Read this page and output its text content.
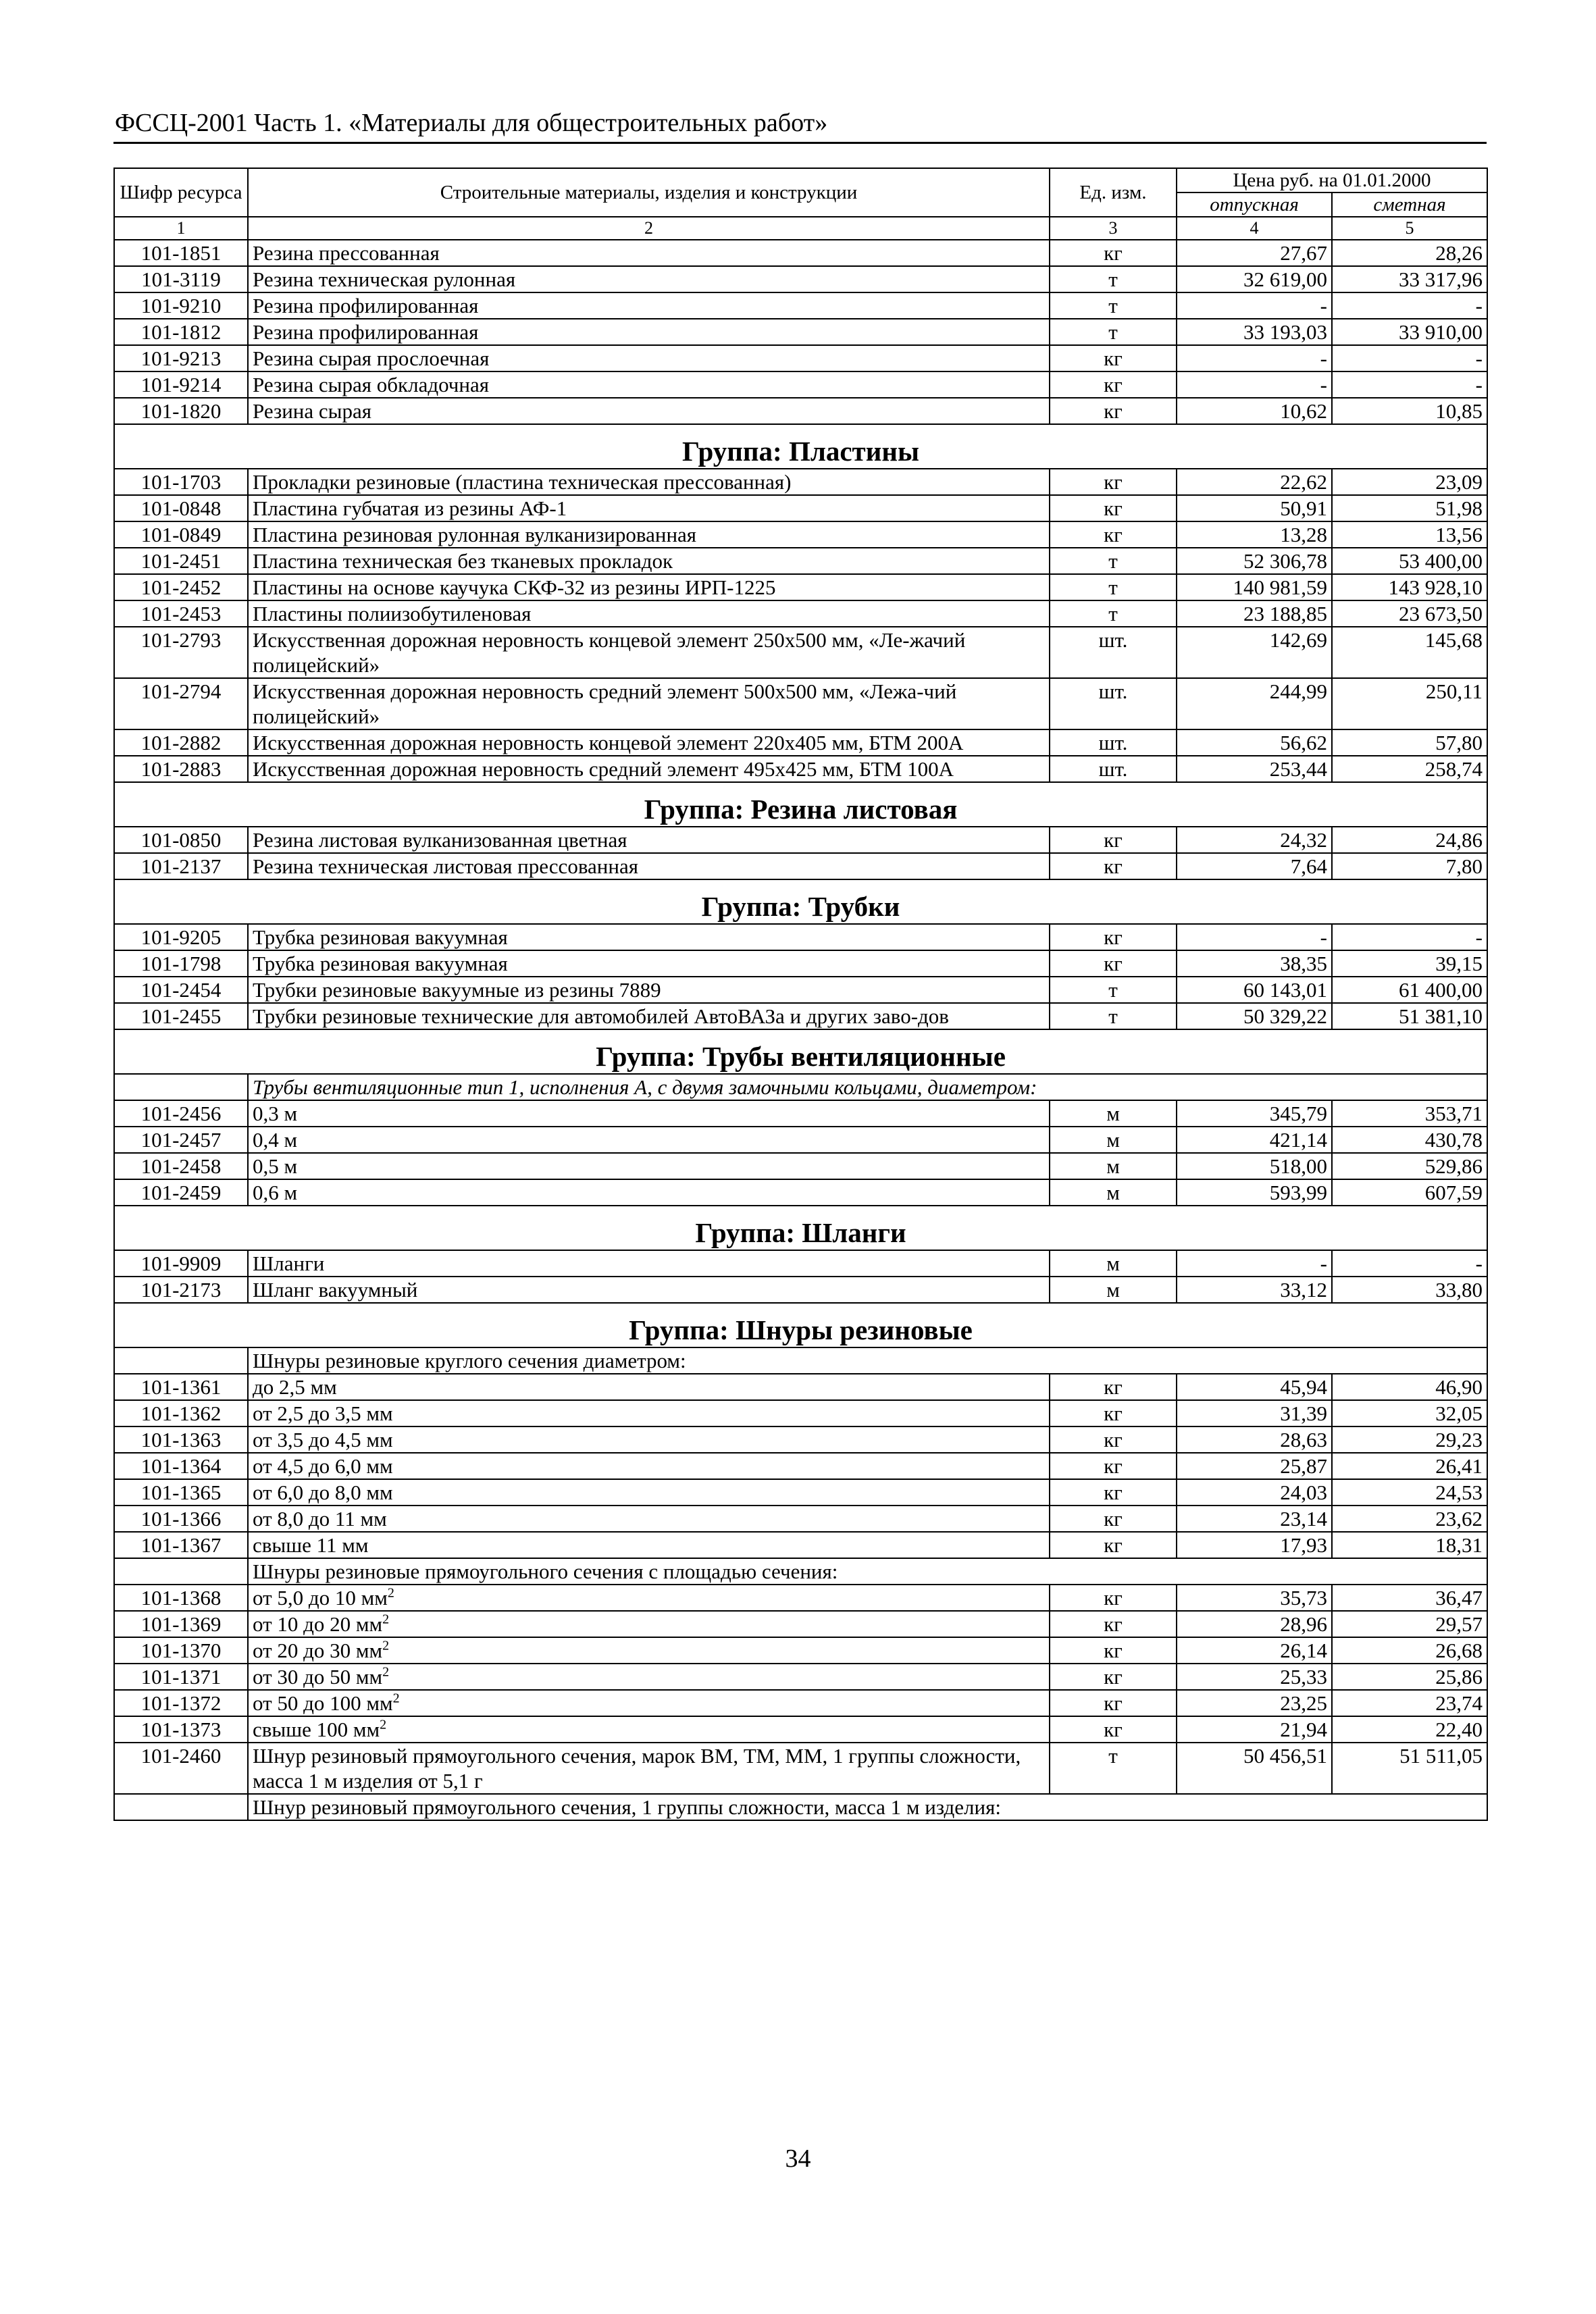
ФССЦ-2001 Часть 1. «Материалы для общестроительных работ»
Шифр ресурса	Строительные материалы, изделия и конструкции	Ед. изм.	Цена руб. на 01.01.2000	
			отпускная	сметная
1	2	3	4	5
101-1851	Резина прессованная	кг	27,67	28,26
101-3119	Резина техническая рулонная	т	32 619,00	33 317,96
101-9210	Резина профилированная	т	-	-
101-1812	Резина профилированная	т	33 193,03	33 910,00
101-9213	Резина сырая прослоечная	кг	-	-
101-9214	Резина сырая обкладочная	кг	-	-
101-1820	Резина сырая	кг	10,62	10,85
Группа: Пластины				
101-1703	Прокладки резиновые (пластина техническая прессованная)	кг	22,62	23,09
101-0848	Пластина губчатая из резины АФ-1	кг	50,91	51,98
101-0849	Пластина резиновая рулонная вулканизированная	кг	13,28	13,56
101-2451	Пластина техническая без тканевых прокладок	т	52 306,78	53 400,00
101-2452	Пластины на основе каучука СКФ-32 из резины ИРП-1225	т	140 981,59	143 928,10
101-2453	Пластины полиизобутиленовая	т	23 188,85	23 673,50
101-2793	Искусственная дорожная неровность концевой элемент 250х500 мм, «Ле-жачий полицейский»	шт.	142,69	145,68
101-2794	Искусственная дорожная неровность средний элемент 500х500 мм, «Лежа-чий полицейский»	шт.	244,99	250,11
101-2882	Искусственная дорожная неровность концевой элемент 220х405 мм, БТМ 200А	шт.	56,62	57,80
101-2883	Искусственная дорожная неровность средний элемент 495х425 мм, БТМ 100А	шт.	253,44	258,74
Группа: Резина листовая				
101-0850	Резина листовая вулканизованная цветная	кг	24,32	24,86
101-2137	Резина техническая листовая прессованная	кг	7,64	7,80
Группа: Трубки				
101-9205	Трубка резиновая вакуумная	кг	-	-
101-1798	Трубка резиновая вакуумная	кг	38,35	39,15
101-2454	Трубки резиновые вакуумные из резины 7889	т	60 143,01	61 400,00
101-2455	Трубки резиновые технические для автомобилей АвтоВАЗа и других заво-дов	т	50 329,22	51 381,10
Группа: Трубы вентиляционные				
	Трубы вентиляционные тип 1, исполнения А, с двумя замочными кольцами, диаметром:			
101-2456	0,3 м	м	345,79	353,71
101-2457	0,4 м	м	421,14	430,78
101-2458	0,5 м	м	518,00	529,86
101-2459	0,6 м	м	593,99	607,59
Группа: Шланги				
101-9909	Шланги	м	-	-
101-2173	Шланг вакуумный	м	33,12	33,80
Группа: Шнуры резиновые				
	Шнуры резиновые круглого сечения диаметром:			
101-1361	до 2,5 мм	кг	45,94	46,90
101-1362	от 2,5 до 3,5 мм	кг	31,39	32,05
101-1363	от 3,5 до 4,5 мм	кг	28,63	29,23
101-1364	от 4,5 до 6,0 мм	кг	25,87	26,41
101-1365	от 6,0 до 8,0 мм	кг	24,03	24,53
101-1366	от 8,0 до 11 мм	кг	23,14	23,62
101-1367	свыше 11 мм	кг	17,93	18,31
	Шнуры резиновые прямоугольного сечения с площадью сечения:			
101-1368	от 5,0 до 10 $мм^2$	кг	35,73	36,47
101-1369	от 10 до 20 $мм^2$	кг	28,96	29,57
101-1370	от 20 до 30 $мм^2$	кг	26,14	26,68
101-1371	от 30 до 50 $мм^2$	кг	25,33	25,86
101-1372	от 50 до 100 $мм^2$	кг	23,25	23,74
101-1373	свыше 100 $мм^2$	кг	21,94	22,40
101-2460	Шнур резиновый прямоугольного сечения, марок ВМ, ТМ, ММ, 1 группы сложности, масса 1 м изделия от 5,1 г	т	50 456,51	51 511,05
	Шнур резиновый прямоугольного сечения, 1 группы сложности, масса 1 м изделия:			
34
